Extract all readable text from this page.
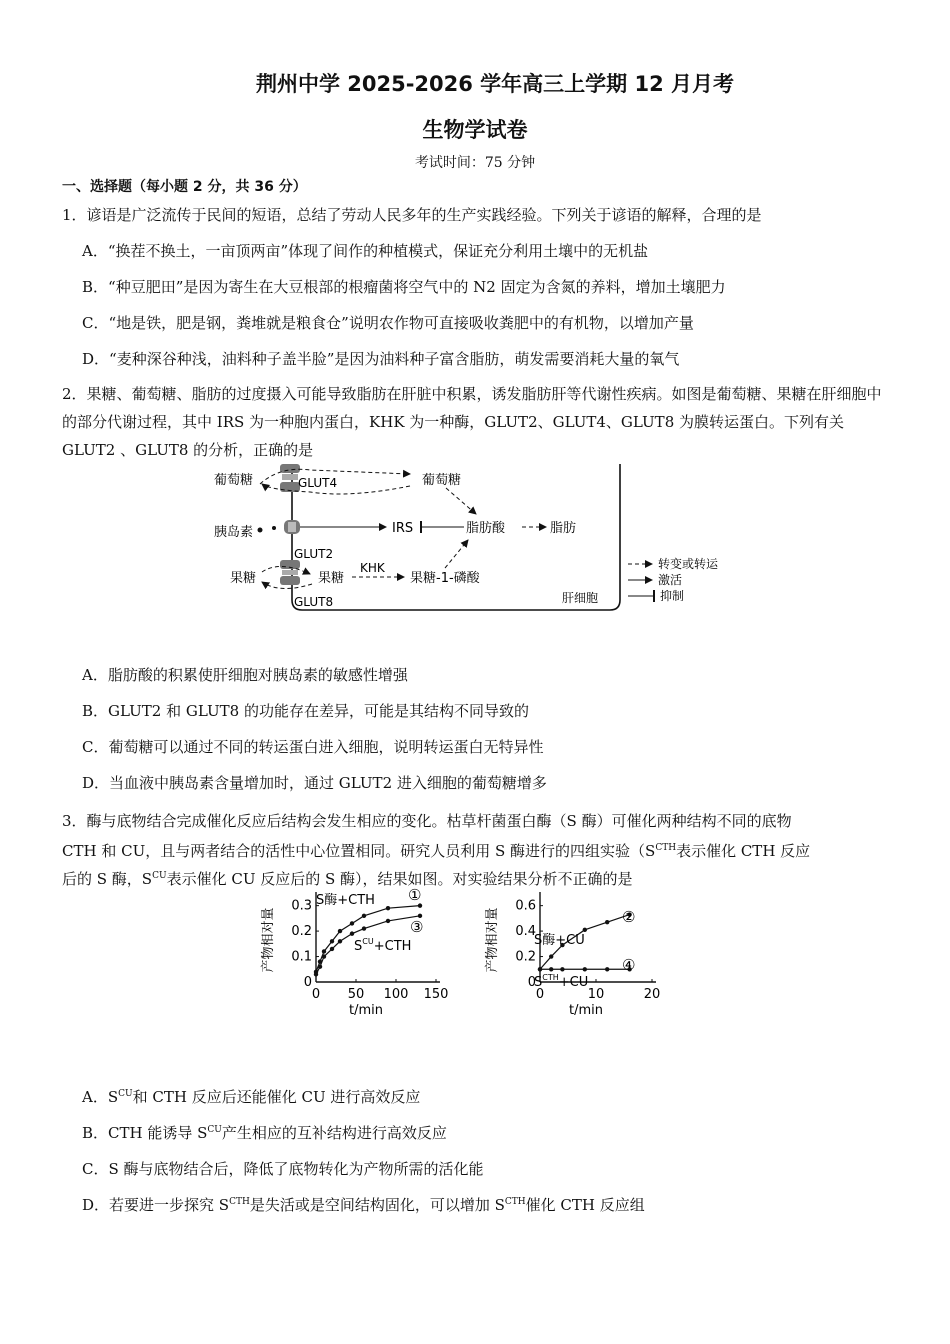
荆州中学 2025-2026 学年高三上学期 12 月月考
生物学试卷
考试时间：75 分钟
一、选择题（每小题 2 分，共 36 分）
1．谚语是广泛流传于民间的短语，总结了劳动人民多年的生产实践经验。下列关于谚语的解释，合理的是
A．“换茬不换土，一亩顶两亩”体现了间作的种植模式，保证充分利用土壤中的无机盐
B．“种豆肥田”是因为寄生在大豆根部的根瘤菌将空气中的 N2 固定为含氮的养料，增加土壤肥力
C．“地是铁，肥是钢，粪堆就是粮食仓”说明农作物可直接吸收粪肥中的有机物，以增加产量
D．“麦种深谷种浅，油料种子盖半脸”是因为油料种子富含脂肪，萌发需要消耗大量的氧气
2．果糖、葡萄糖、脂肪的过度摄入可能导致脂肪在肝脏中积累，诱发脂肪肝等代谢性疾病。如图是葡萄糖、果糖在肝细胞中的部分代谢过程，其中 IRS 为一种胞内蛋白，KHK 为一种酶，GLUT2、GLUT4、GLUT8 为膜转运蛋白。下列有关 GLUT2 、GLUT8 的分析，正确的是
葡萄糖	GLUT4	葡萄糖
胰岛素	IRS	脂肪酸	脂肪
GLUT2
果糖
KHK
果糖	果糖-1-磷酸
GLUT8	肝细胞
转变或转运
激活
抑制
A．脂肪酸的积累使肝细胞对胰岛素的敏感性增强
B．GLUT2 和 GLUT8 的功能存在差异，可能是其结构不同导致的
C．葡萄糖可以通过不同的转运蛋白进入细胞，说明转运蛋白无特异性
D．当血液中胰岛素含量增加时，通过 GLUT2 进入细胞的葡萄糖增多
3．酶与底物结合完成催化反应后结构会发生相应的变化。枯草杆菌蛋白酶（S 酶）可催化两种结构不同的底物
CTH 和 CU，且与两者结合的活性中心位置相同。研究人员利用 S 酶进行的四组实验（$S^{CTH}$表示催化 CTH 反应
后的 S 酶，$S^{CU}$表示催化 CU 反应后的 S 酶），结果如图。对实验结果分析不正确的是
0 50 100 150
0
0.1
0.2
0.3
t/min
产物相对量
S酶+CTH ①
$S^{CU}+CTH$
③
0	10	20
0
0.2
0.4
0.6
t/min
产物相对量	S酶+CU
②
$S^{CTH}+CU$
④
A．$S^{CU}$和 CTH 反应后还能催化 CU 进行高效反应
B．CTH 能诱导 $S^{CU}$产生相应的互补结构进行高效反应
C．S 酶与底物结合后，降低了底物转化为产物所需的活化能
D．若要进一步探究 $S^{CTH}$是失活或是空间结构固化，可以增加 $S^{CTH}$催化 CTH 反应组
